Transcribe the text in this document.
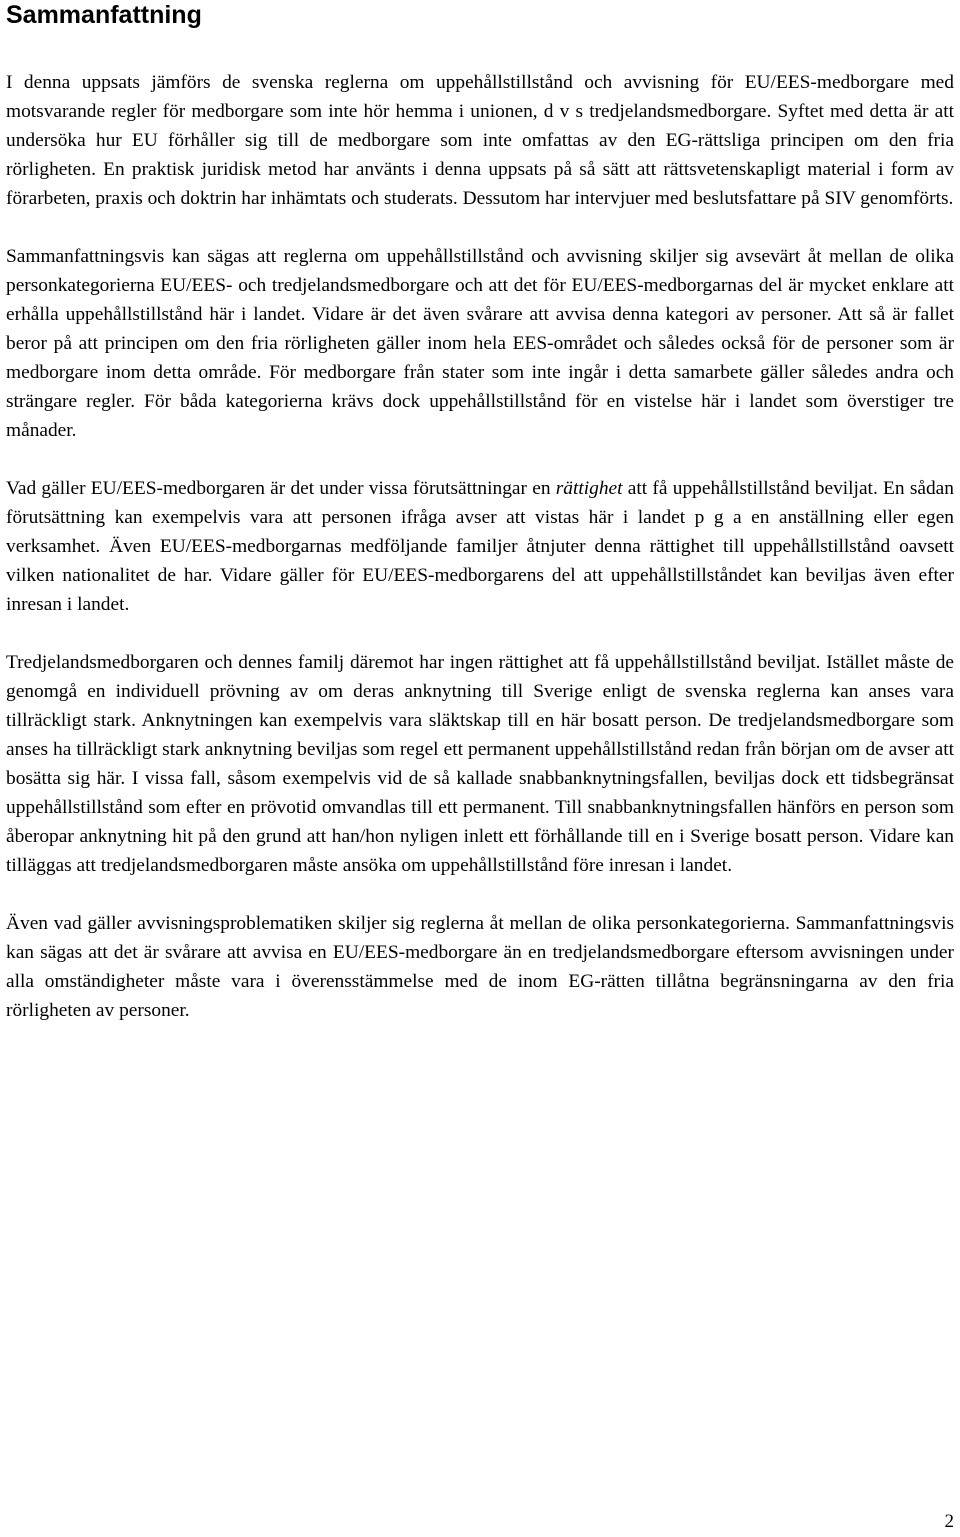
Sammanfattning

I denna uppsats jämförs de svenska reglerna om uppehållstillstånd och avvisning för EU/EES-medborgare med motsvarande regler för medborgare som inte hör hemma i unionen, d v s tredjelandsmedborgare. Syftet med detta är att undersöka hur EU förhåller sig till de medborgare som inte omfattas av den EG-rättsliga principen om den fria rörligheten. En praktisk juridisk metod har använts i denna uppsats på så sätt att rättsvetenskapligt material i form av förarbeten, praxis och doktrin har inhämtats och studerats. Dessutom har intervjuer med beslutsfattare på SIV genomförts.

Sammanfattningsvis kan sägas att reglerna om uppehållstillstånd och avvisning skiljer sig avsevärt åt mellan de olika personkategorierna EU/EES- och tredjelandsmedborgare och att det för EU/EES-medborgarnas del är mycket enklare att erhålla uppehållstillstånd här i landet. Vidare är det även svårare att avvisa denna kategori av personer. Att så är fallet beror på att principen om den fria rörligheten gäller inom hela EES-området och således också för de personer som är medborgare inom detta område. För medborgare från stater som inte ingår i detta samarbete gäller således andra och strängare regler. För båda kategorierna krävs dock uppehållstillstånd för en vistelse här i landet som överstiger tre månader.

Vad gäller EU/EES-medborgaren är det under vissa förutsättningar en rättighet att få uppehållstillstånd beviljat. En sådan förutsättning kan exempelvis vara att personen ifråga avser att vistas här i landet p g a en anställning eller egen verksamhet. Även EU/EES-medborgarnas medföljande familjer åtnjuter denna rättighet till uppehållstillstånd oavsett vilken nationalitet de har. Vidare gäller för EU/EES-medborgarens del att uppehållstillståndet kan beviljas även efter inresan i landet.

Tredjelandsmedborgaren och dennes familj däremot har ingen rättighet att få uppehållstillstånd beviljat. Istället måste de genomgå en individuell prövning av om deras anknytning till Sverige enligt de svenska reglerna kan anses vara tillräckligt stark. Anknytningen kan exempelvis vara släktskap till en här bosatt person. De tredjelandsmedborgare som anses ha tillräckligt stark anknytning beviljas som regel ett permanent uppehållstillstånd redan från början om de avser att bosätta sig här. I vissa fall, såsom exempelvis vid de så kallade snabbanknytningsfallen, beviljas dock ett tidsbegränsat uppehållstillstånd som efter en prövotid omvandlas till ett permanent. Till snabbanknytningsfallen hänförs en person som åberopar anknytning hit på den grund att han/hon nyligen inlett ett förhållande till en i Sverige bosatt person. Vidare kan tilläggas att tredjelandsmedborgaren måste ansöka om uppehållstillstånd före inresan i landet.

Även vad gäller avvisningsproblematiken skiljer sig reglerna åt mellan de olika personkategorierna. Sammanfattningsvis kan sägas att det är svårare att avvisa en EU/EES-medborgare än en tredjelandsmedborgare eftersom avvisningen under alla omständigheter måste vara i överensstämmelse med de inom EG-rätten tillåtna begränsningarna av den fria rörligheten av personer.

2
